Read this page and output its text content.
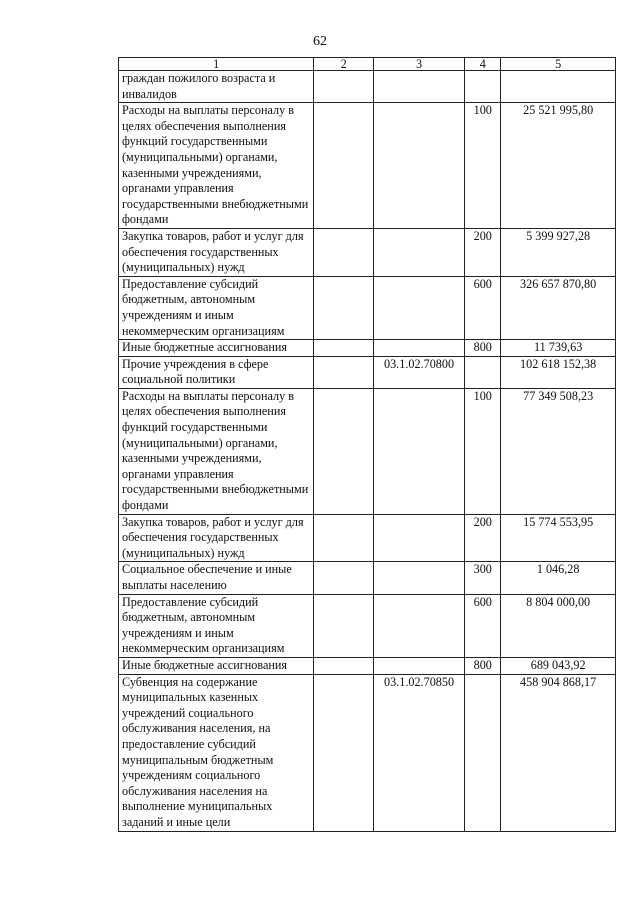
62
1	2	3	4	5
граждан пожилого возраста и инвалидов				
Расходы на выплаты персоналу в целях обеспечения выполнения функций государственными (муниципальными) органами, казенными учреждениями, органами управления государственными внебюджетными фондами			100	25 521 995,80
Закупка товаров, работ и услуг для обеспечения государственных (муниципальных) нужд			200	5 399 927,28
Предоставление субсидий бюджетным, автономным учреждениям и иным некоммерческим организациям			600	326 657 870,80
Иные бюджетные ассигнования			800	11 739,63
Прочие учреждения в сфере социальной политики		03.1.02.70800		102 618 152,38
Расходы на выплаты персоналу в целях обеспечения выполнения функций государственными (муниципальными) органами, казенными учреждениями, органами управления государственными внебюджетными фондами			100	77 349 508,23
Закупка товаров, работ и услуг для обеспечения государственных (муниципальных) нужд			200	15 774 553,95
Социальное обеспечение и иные выплаты населению			300	1 046,28
Предоставление субсидий бюджетным, автономным учреждениям и иным некоммерческим организациям			600	8 804 000,00
Иные бюджетные ассигнования			800	689 043,92
Субвенция на содержание муниципальных казенных учреждений социального обслуживания населения, на предоставление субсидий муниципальным бюджетным учреждениям социального обслуживания населения на выполнение муниципальных заданий и иные цели		03.1.02.70850		458 904 868,17
